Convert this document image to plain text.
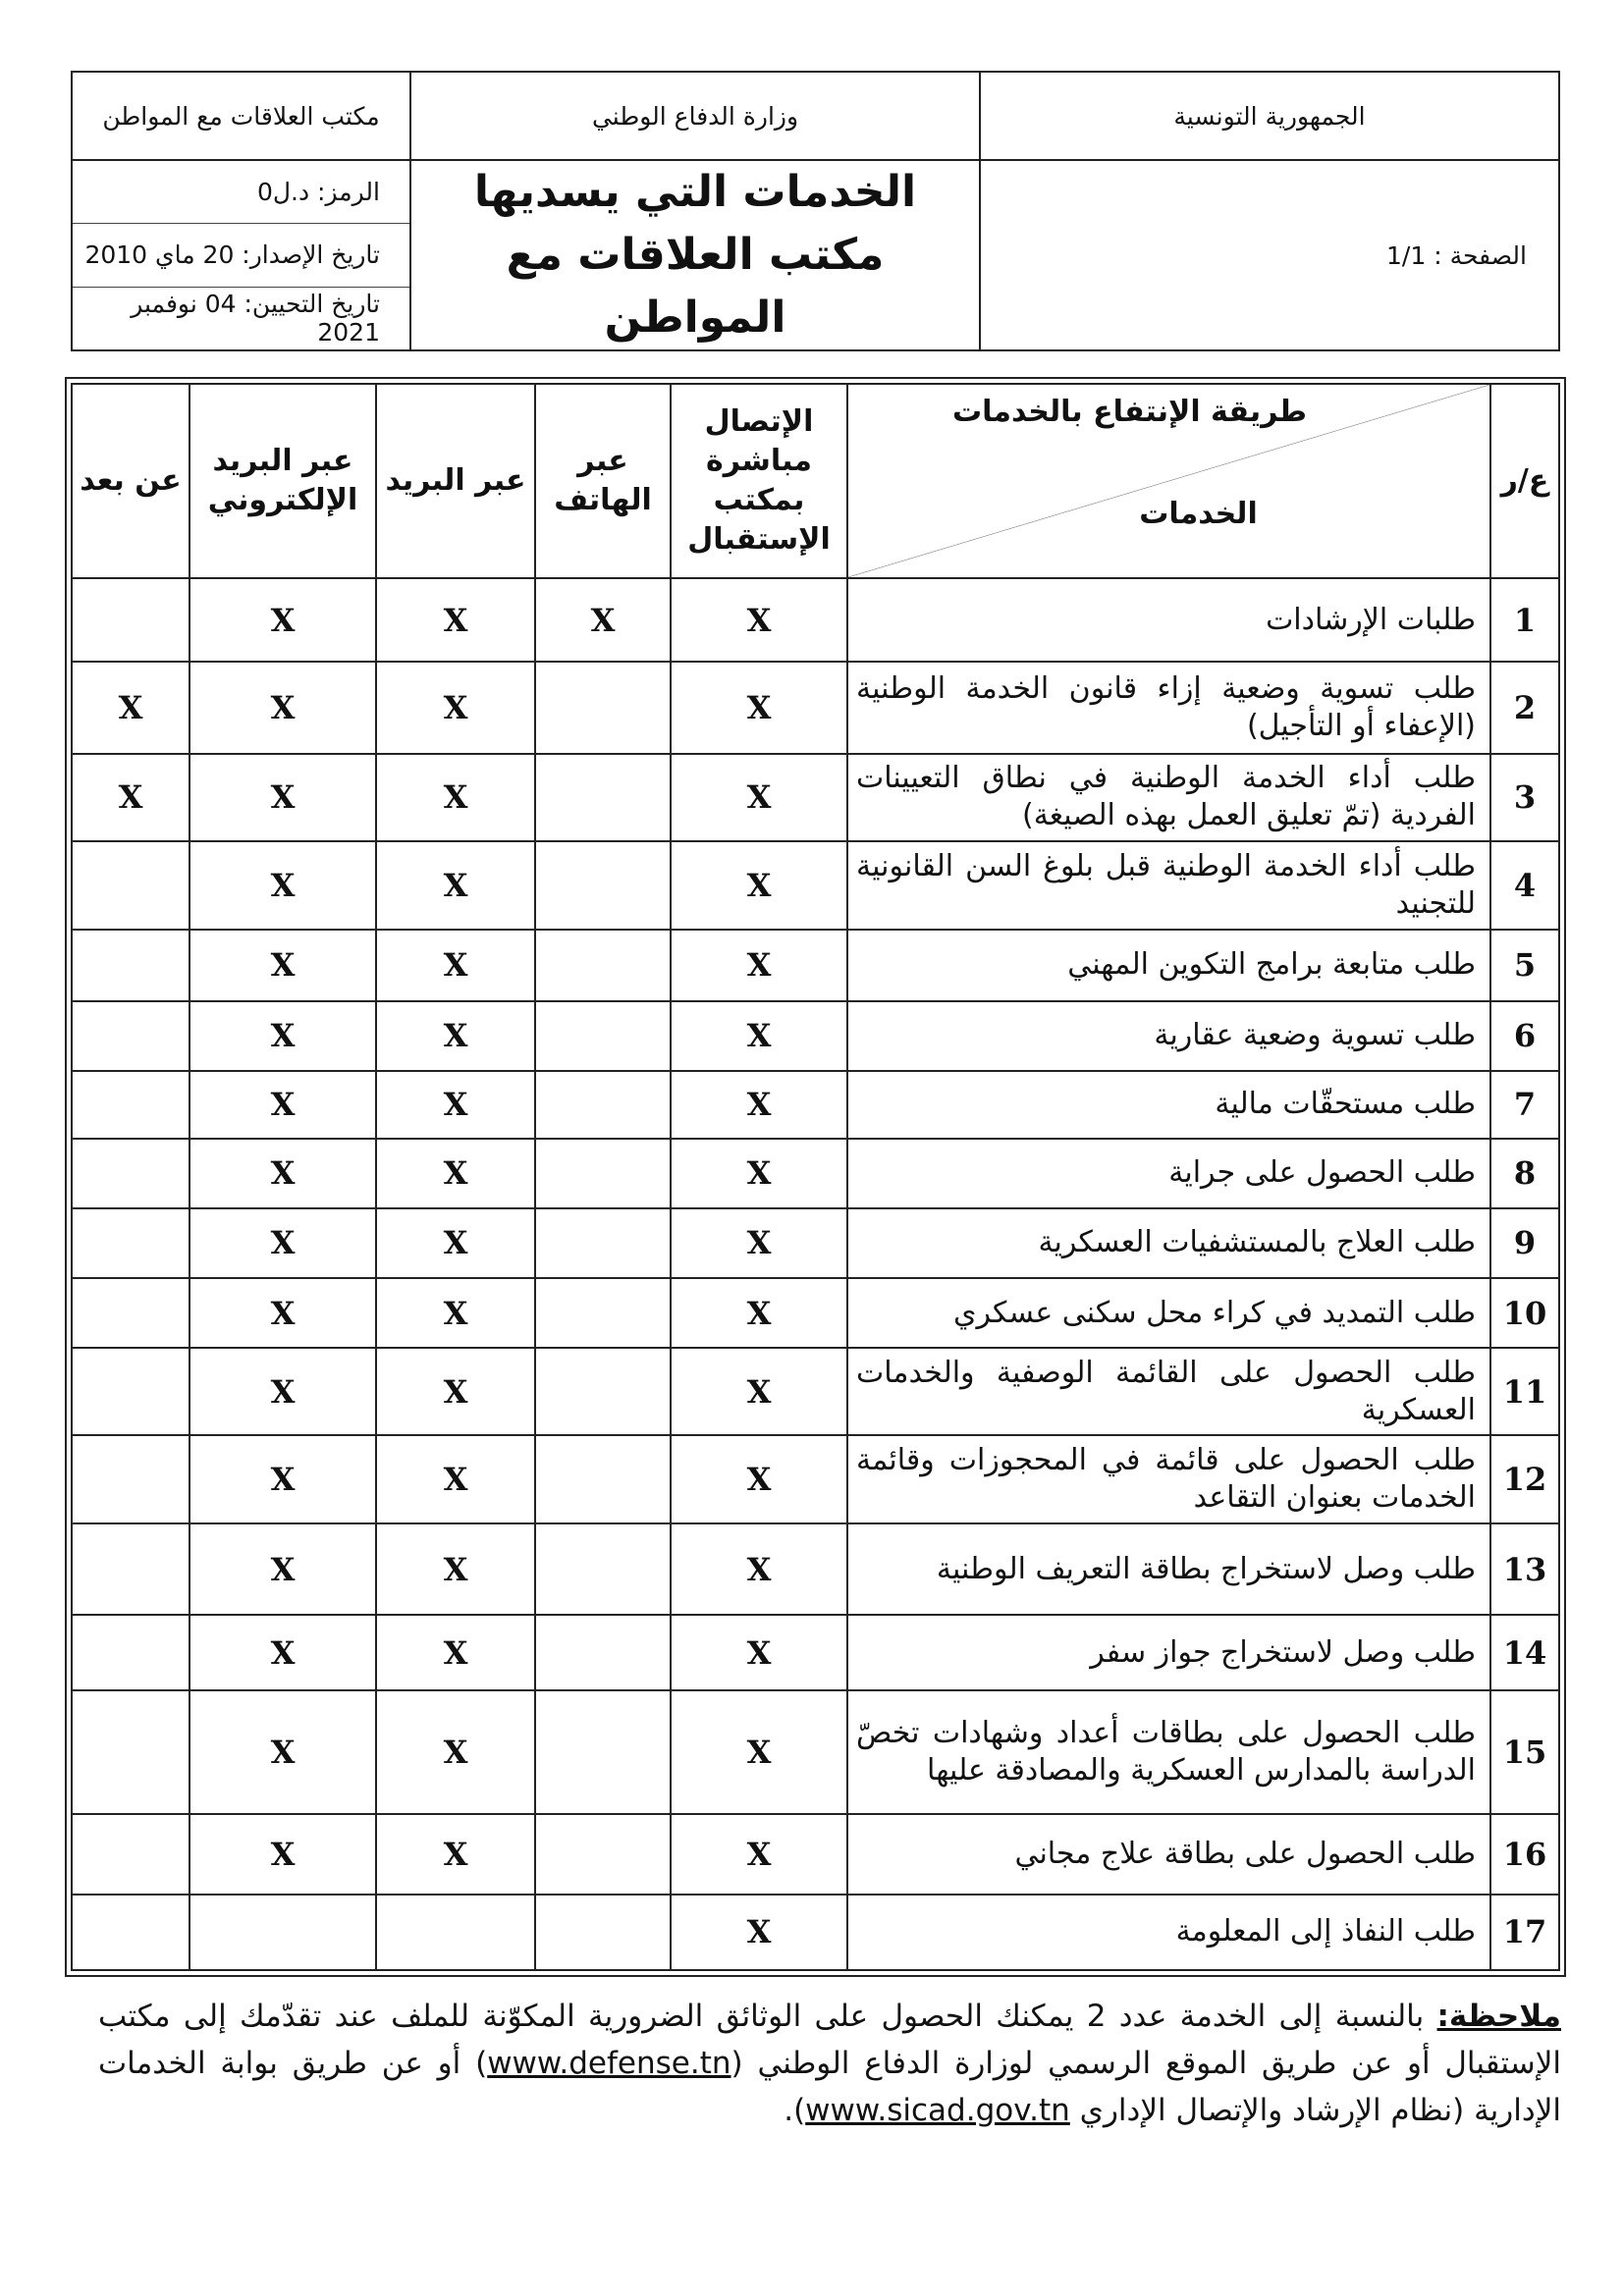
الجمهورية التونسية	وزارة الدفاع الوطني	مكتب العلاقات مع المواطن
الصفحة : 1/1	
الخدمات التي يسديها
مكتب العلاقات مع المواطن

الرمز: د.ل0
تاريخ الإصدار: 20 ماي 2010
تاريخ التحيين: 04 نوفمبر 2021
ع/ر	طريقة الإنتفاع بالخدمات
الخدمات	الإتصال مباشرة بمكتب الإستقبال	عبر الهاتف	عبر البريد	عبر البريد الإلكتروني	عن بعد
1	طلبات الإرشادات	X	X	X	X	
2	طلب تسوية وضعية إزاء قانون الخدمة الوطنية (الإعفاء أو التأجيل)	X		X	X	X
3	طلب أداء الخدمة الوطنية في نطاق التعيينات الفردية (تمّ تعليق العمل بهذه الصيغة)	X		X	X	X
4	طلب أداء الخدمة الوطنية قبل بلوغ السن القانونية للتجنيد	X		X	X	
5	طلب متابعة برامج التكوين المهني	X		X	X	
6	طلب تسوية وضعية عقارية	X		X	X	
7	طلب مستحقّات مالية	X		X	X	
8	طلب الحصول على جراية	X		X	X	
9	طلب العلاج بالمستشفيات العسكرية	X		X	X	
10	طلب التمديد في كراء محل سكنى عسكري	X		X	X	
11	طلب الحصول على القائمة الوصفية والخدمات العسكرية	X		X	X	
12	طلب الحصول على قائمة في المحجوزات وقائمة الخدمات بعنوان التقاعد	X		X	X	
13	طلب وصل لاستخراج بطاقة التعريف الوطنية	X		X	X	
14	طلب وصل لاستخراج جواز سفر	X		X	X	
15	طلب الحصول على بطاقات أعداد وشهادات تخصّ الدراسة بالمدارس العسكرية والمصادقة عليها	X		X	X	
16	طلب الحصول على بطاقة علاج مجاني	X		X	X	
17	طلب النفاذ إلى المعلومة	X				
ملاحظة: بالنسبة إلى الخدمة عدد 2 يمكنك الحصول على الوثائق الضرورية المكوّنة للملف عند تقدّمك إلى مكتب الإستقبال أو عن طريق الموقع الرسمي لوزارة الدفاع الوطني (www.defense.tn) أو عن طريق بوابة الخدمات الإدارية (نظام الإرشاد والإتصال الإداري www.sicad.gov.tn).
